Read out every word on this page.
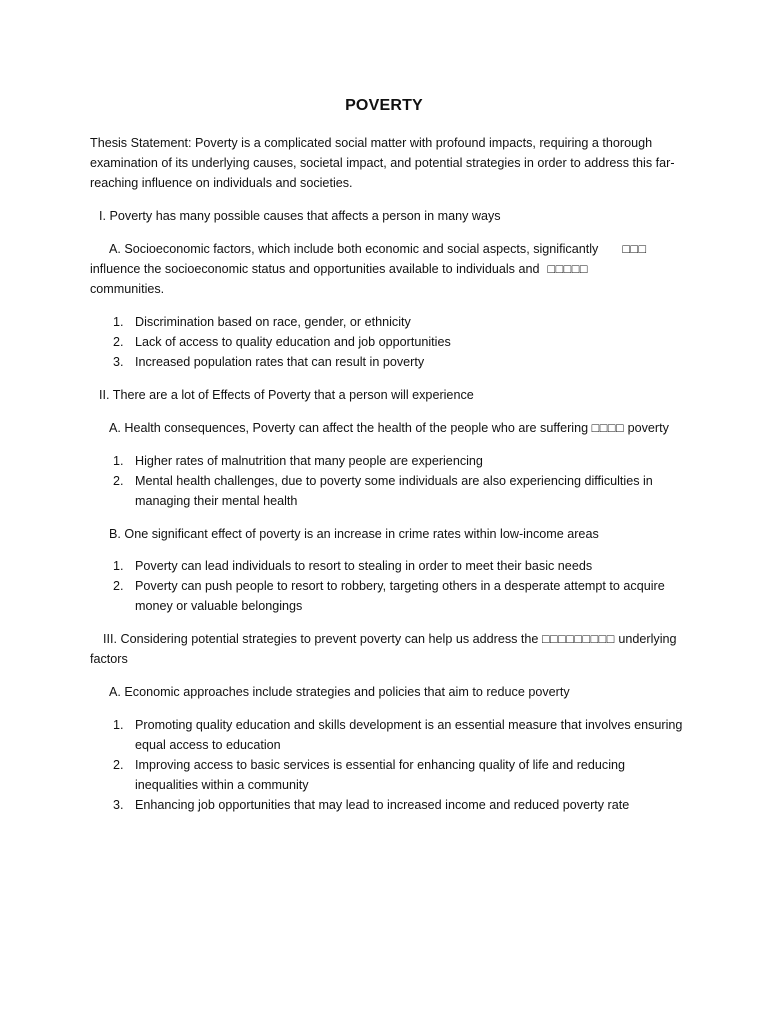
POVERTY

Thesis Statement: Poverty is a complicated social matter with profound impacts, requiring a thorough examination of its underlying causes, societal impact, and potential strategies in order to address this far-reaching influence on individuals and societies.

I. Poverty has many possible causes that affects a person in many ways

A. Socioeconomic factors, which include both economic and social aspects, significantly □□□

influence the socioeconomic status and opportunities available to individuals and □□□□□
communities.

1. Discrimination based on race, gender, or ethnicity
2. Lack of access to quality education and job opportunities
3. Increased population rates that can result in poverty

II. There are a lot of Effects of Poverty that a person will experience

A. Health consequences, Poverty can affect the health of the people who are suffering □□□□ poverty

1. Higher rates of malnutrition that many people are experiencing
2. Mental health challenges, due to poverty some individuals are also experiencing difficulties in managing their mental health

B. One significant effect of poverty is an increase in crime rates within low-income areas

1. Poverty can lead individuals to resort to stealing in order to meet their basic needs
2. Poverty can push people to resort to robbery, targeting others in a desperate attempt to acquire money or valuable belongings

III. Considering potential strategies to prevent poverty can help us address the □□□□□□□□□ underlying factors

A. Economic approaches include strategies and policies that aim to reduce poverty

1. Promoting quality education and skills development is an essential measure that involves ensuring equal access to education
2. Improving access to basic services is essential for enhancing quality of life and reducing inequalities within a community
3. Enhancing job opportunities that may lead to increased income and reduced poverty rate
